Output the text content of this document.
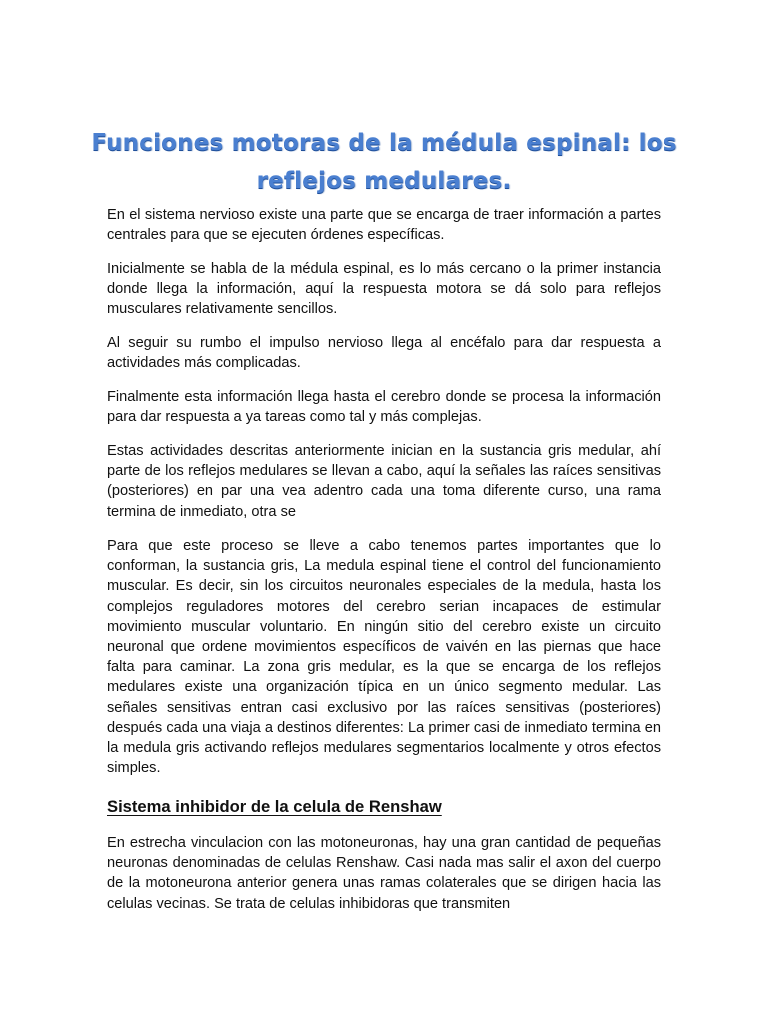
Funciones motoras de la médula espinal: los reflejos medulares.

En el sistema nervioso existe una parte que se encarga de traer información a partes centrales para que se ejecuten órdenes específicas.

Inicialmente se habla de la médula espinal, es lo más cercano o la primer instancia donde llega la información, aquí la respuesta motora se dá solo para reflejos musculares relativamente sencillos.

Al seguir su rumbo el impulso nervioso llega al encéfalo para dar respuesta a actividades más complicadas.

Finalmente esta información llega hasta el cerebro donde se procesa la información para dar respuesta a ya tareas como tal y más complejas.

Estas actividades descritas anteriormente inician en la sustancia gris medular, ahí parte de los reflejos medulares se llevan a cabo, aquí la señales las raíces sensitivas (posteriores) en par una vea adentro cada una toma diferente curso, una rama termina de inmediato, otra se

Para que este proceso se lleve a cabo tenemos partes importantes que lo conforman, la sustancia gris, La medula espinal tiene el control del funcionamiento muscular. Es decir, sin los circuitos neuronales especiales de la medula, hasta los complejos reguladores motores del cerebro serian incapaces de estimular movimiento muscular voluntario. En ningún sitio del cerebro existe un circuito neuronal que ordene movimientos específicos de vaivén en las piernas que hace falta para caminar. La zona gris medular, es la que se encarga de los reflejos medulares existe una organización típica en un único segmento medular. Las señales sensitivas entran casi exclusivo por las raíces sensitivas (posteriores) después cada una viaja a destinos diferentes: La primer casi de inmediato termina en la medula gris activando reflejos medulares segmentarios localmente y otros efectos simples.

Sistema inhibidor de la celula de Renshaw

En estrecha vinculacion con las motoneuronas, hay una gran cantidad de pequeñas neuronas denominadas de celulas Renshaw. Casi nada mas salir el axon del cuerpo de la motoneurona anterior genera unas ramas colaterales que se dirigen hacia las celulas vecinas. Se trata de celulas inhibidoras que transmiten
